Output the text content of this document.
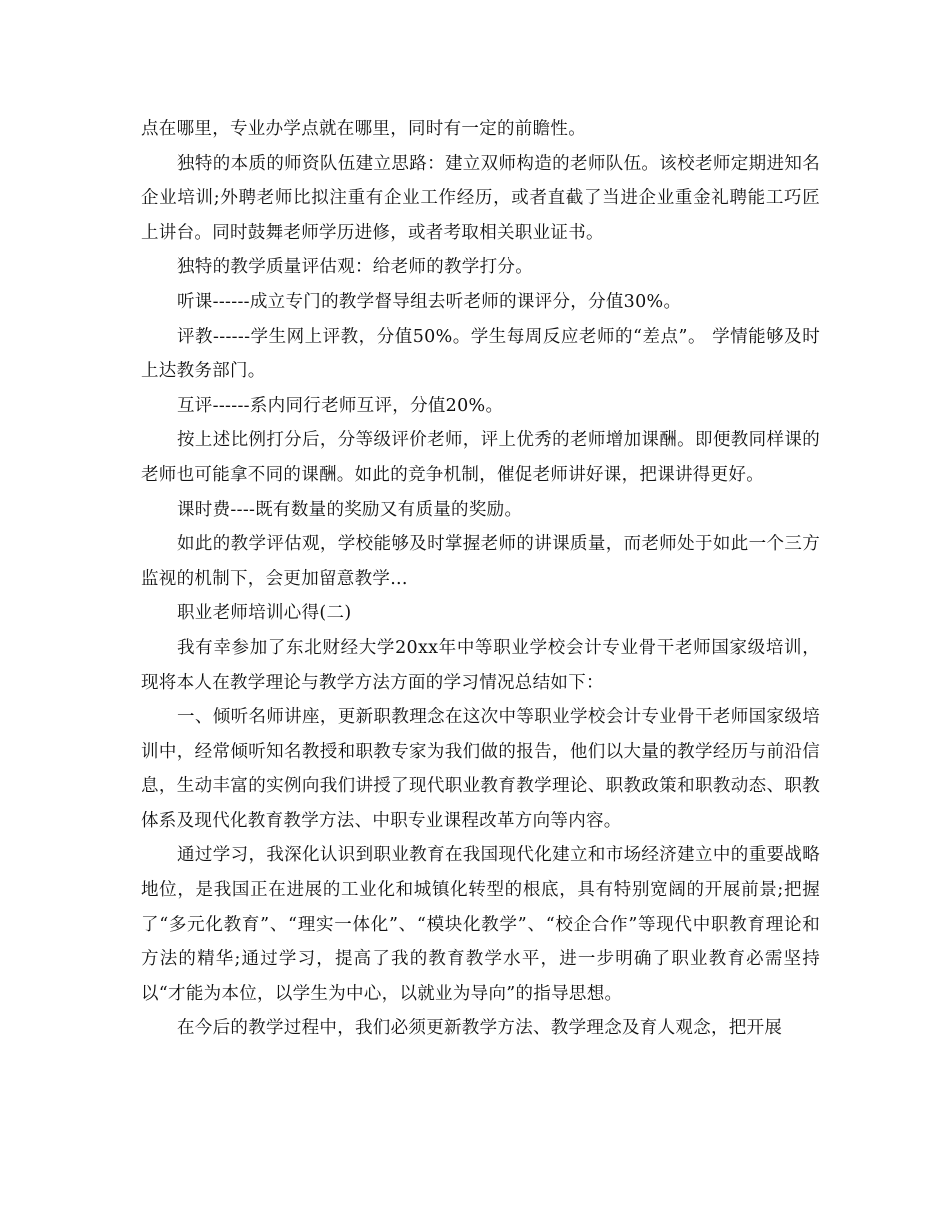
点在哪里，专业办学点就在哪里，同时有一定的前瞻性。

独特的本质的师资队伍建立思路：建立双师构造的老师队伍。该校老师定期进知名企业培训;外聘老师比拟注重有企业工作经历，或者直截了当进企业重金礼聘能工巧匠上讲台。同时鼓舞老师学历进修，或者考取相关职业证书。

独特的教学质量评估观：给老师的教学打分。

听课------成立专门的教学督导组去听老师的课评分，分值30%。

评教------学生网上评教，分值50%。学生每周反应老师的“差点”。 学情能够及时上达教务部门。

互评------系内同行老师互评，分值20%。

按上述比例打分后，分等级评价老师，评上优秀的老师增加课酬。即便教同样课的老师也可能拿不同的课酬。如此的竞争机制，催促老师讲好课，把课讲得更好。

课时费----既有数量的奖励又有质量的奖励。

如此的教学评估观，学校能够及时掌握老师的讲课质量，而老师处于如此一个三方监视的机制下，会更加留意教学...

职业老师培训心得(二)

我有幸参加了东北财经大学20xx年中等职业学校会计专业骨干老师国家级培训，现将本人在教学理论与教学方法方面的学习情况总结如下：

一、倾听名师讲座，更新职教理念在这次中等职业学校会计专业骨干老师国家级培训中，经常倾听知名教授和职教专家为我们做的报告，他们以大量的教学经历与前沿信息，生动丰富的实例向我们讲授了现代职业教育教学理论、职教政策和职教动态、职教体系及现代化教育教学方法、中职专业课程改革方向等内容。

通过学习，我深化认识到职业教育在我国现代化建立和市场经济建立中的重要战略地位，是我国正在进展的工业化和城镇化转型的根底，具有特别宽阔的开展前景;把握了“多元化教育”、“理实一体化”、“模块化教学”、“校企合作”等现代中职教育理论和方法的精华;通过学习，提高了我的教育教学水平，进一步明确了职业教育必需坚持以“才能为本位，以学生为中心，以就业为导向”的指导思想。

在今后的教学过程中，我们必须更新教学方法、教学理念及育人观念，把开展
